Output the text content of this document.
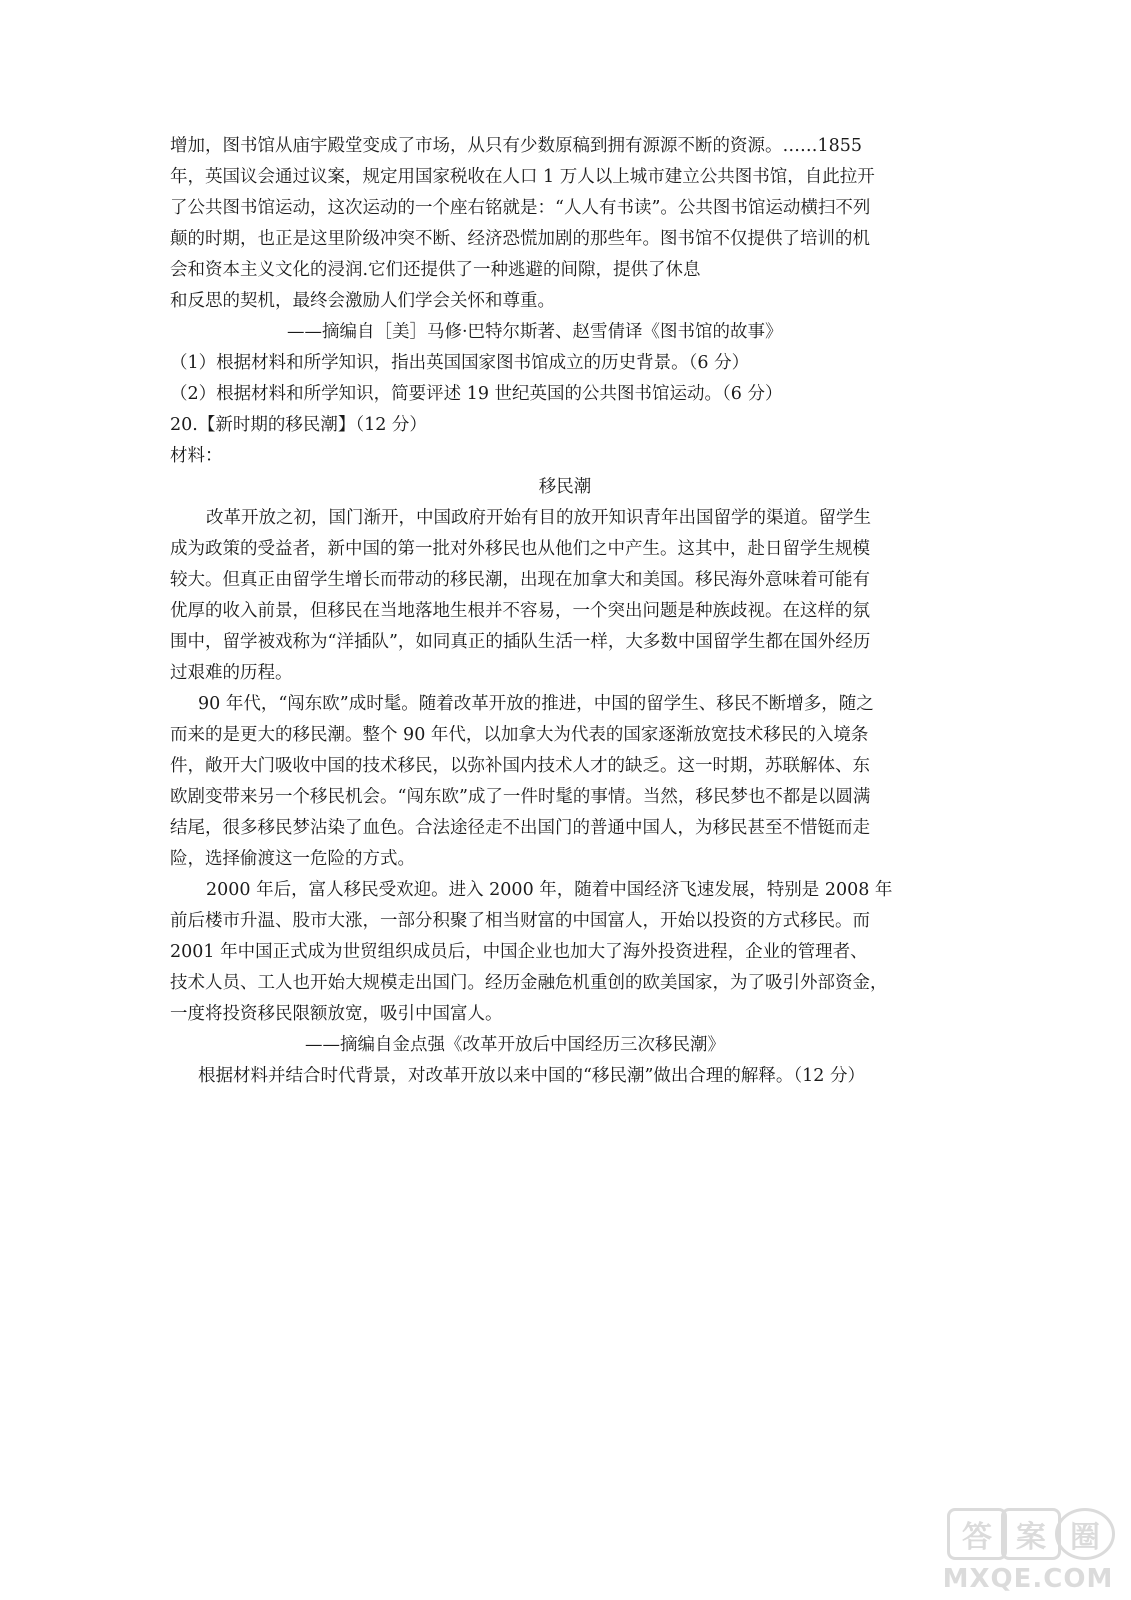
增加，图书馆从庙宇殿堂变成了市场，从只有少数原稿到拥有源源不断的资源。……1855
年，英国议会通过议案，规定用国家税收在人口 1 万人以上城市建立公共图书馆，自此拉开
了公共图书馆运动，这次运动的一个座右铭就是：“人人有书读”。公共图书馆运动横扫不列
颠的时期，也正是这里阶级冲突不断、经济恐慌加剧的那些年。图书馆不仅提供了培训的机
会和资本主义文化的浸润.它们还提供了一种逃避的间隙，提供了休息
和反思的契机，最终会激励人们学会关怀和尊重。
——摘编自［美］马修·巴特尔斯著、赵雪倩译《图书馆的故事》
（1）根据材料和所学知识，指出英国国家图书馆成立的历史背景。（6 分）
（2）根据材料和所学知识，简要评述 19 世纪英国的公共图书馆运动。（6 分）
20.【新时期的移民潮】（12 分）
材料：
移民潮
改革开放之初，国门渐开，中国政府开始有目的放开知识青年出国留学的渠道。留学生
成为政策的受益者，新中国的第一批对外移民也从他们之中产生。这其中，赴日留学生规模
较大。但真正由留学生增长而带动的移民潮，出现在加拿大和美国。移民海外意味着可能有
优厚的收入前景，但移民在当地落地生根并不容易，一个突出问题是种族歧视。在这样的氛
围中，留学被戏称为“洋插队”，如同真正的插队生活一样，大多数中国留学生都在国外经历
过艰难的历程。
90 年代，“闯东欧”成时髦。随着改革开放的推进，中国的留学生、移民不断增多，随之
而来的是更大的移民潮。整个 90 年代，以加拿大为代表的国家逐渐放宽技术移民的入境条
件，敞开大门吸收中国的技术移民，以弥补国内技术人才的缺乏。这一时期，苏联解体、东
欧剧变带来另一个移民机会。“闯东欧”成了一件时髦的事情。当然，移民梦也不都是以圆满
结尾，很多移民梦沾染了血色。合法途径走不出国门的普通中国人，为移民甚至不惜铤而走
险，选择偷渡这一危险的方式。
2000 年后，富人移民受欢迎。进入 2000 年，随着中国经济飞速发展，特别是 2008 年
前后楼市升温、股市大涨，一部分积聚了相当财富的中国富人，开始以投资的方式移民。而
2001 年中国正式成为世贸组织成员后，中国企业也加大了海外投资进程，企业的管理者、
技术人员、工人也开始大规模走出国门。经历金融危机重创的欧美国家，为了吸引外部资金，
一度将投资移民限额放宽，吸引中国富人。
——摘编自金点强《改革开放后中国经历三次移民潮》
根据材料并结合时代背景，对改革开放以来中国的“移民潮”做出合理的解释。（12 分）
答 案 圈
MXQE.COM
